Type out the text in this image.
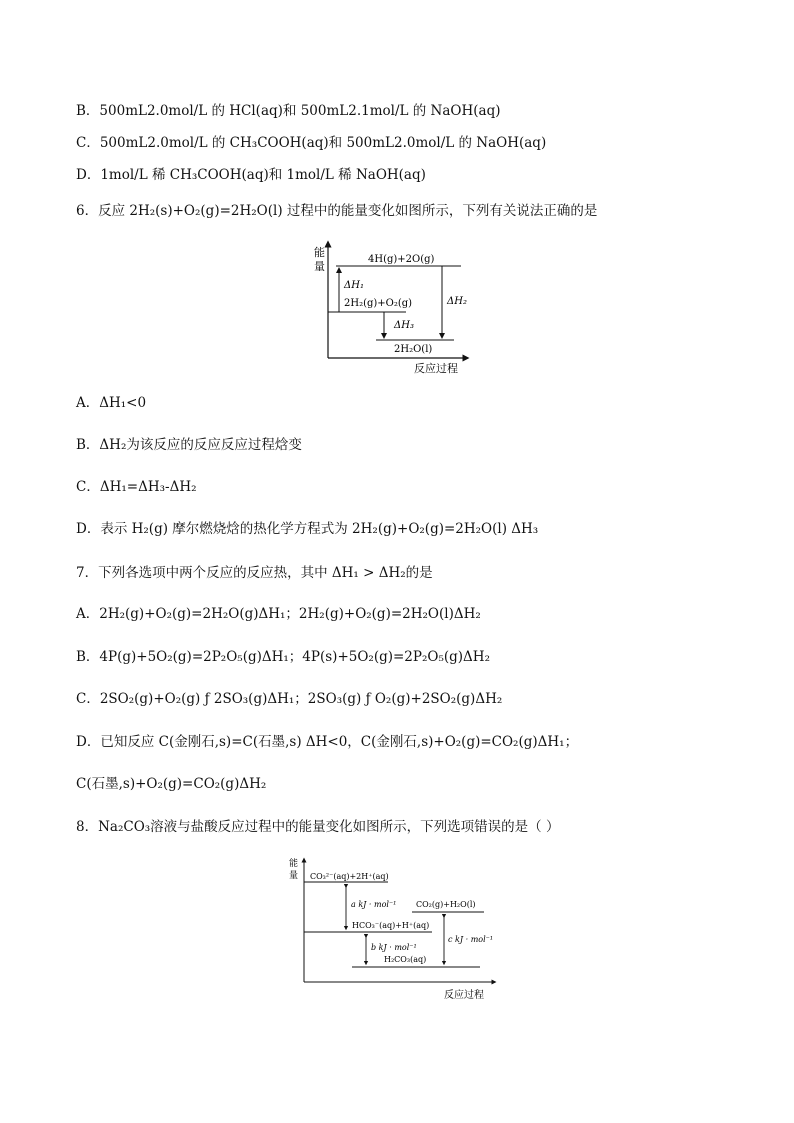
B．500mL2.0mol/L 的 HCl(aq)和 500mL2.1mol/L 的 NaOH(aq)
C．500mL2.0mol/L 的 CH₃COOH(aq)和 500mL2.0mol/L 的 NaOH(aq)
D．1mol/L 稀 CH₃COOH(aq)和 1mol/L 稀 NaOH(aq)
6．反应 2H₂(s)+O₂(g)=2H₂O(l) 过程中的能量变化如图所示，下列有关说法正确的是
能
量
反应过程
4H(g)+2O(g)
2H₂(g)+O₂(g)
2H₂O(l)
ΔH₁
ΔH₂
ΔH₃
A．ΔH₁<0
B．ΔH₂为该反应的反应反应过程焓变
C．ΔH₁=ΔH₃-ΔH₂
D．表示 H₂(g) 摩尔燃烧焓的热化学方程式为 2H₂(g)+O₂(g)=2H₂O(l) ΔH₃
7．下列各选项中两个反应的反应热，其中 ΔH₁ > ΔH₂的是
A．2H₂(g)+O₂(g)=2H₂O(g)ΔH₁；2H₂(g)+O₂(g)=2H₂O(l)ΔH₂
B．4P(g)+5O₂(g)=2P₂O₅(g)ΔH₁；4P(s)+5O₂(g)=2P₂O₅(g)ΔH₂
C．2SO₂(g)+O₂(g) ƒ 2SO₃(g)ΔH₁；2SO₃(g) ƒ O₂(g)+2SO₂(g)ΔH₂
D．已知反应 C(金刚石,s)=C(石墨,s) ΔH<0，C(金刚石,s)+O₂(g)=CO₂(g)ΔH₁；
C(石墨,s)+O₂(g)=CO₂(g)ΔH₂
8．Na₂CO₃溶液与盐酸反应过程中的能量变化如图所示，下列选项错误的是（ ）
能
量
反应过程
CO₃²⁻(aq)+2H⁺(aq)
CO₂(g)+H₂O(l)
HCO₃⁻(aq)+H⁺(aq)
H₂CO₃(aq)
a kJ · mol⁻¹
b kJ · mol⁻¹
c kJ · mol⁻¹
